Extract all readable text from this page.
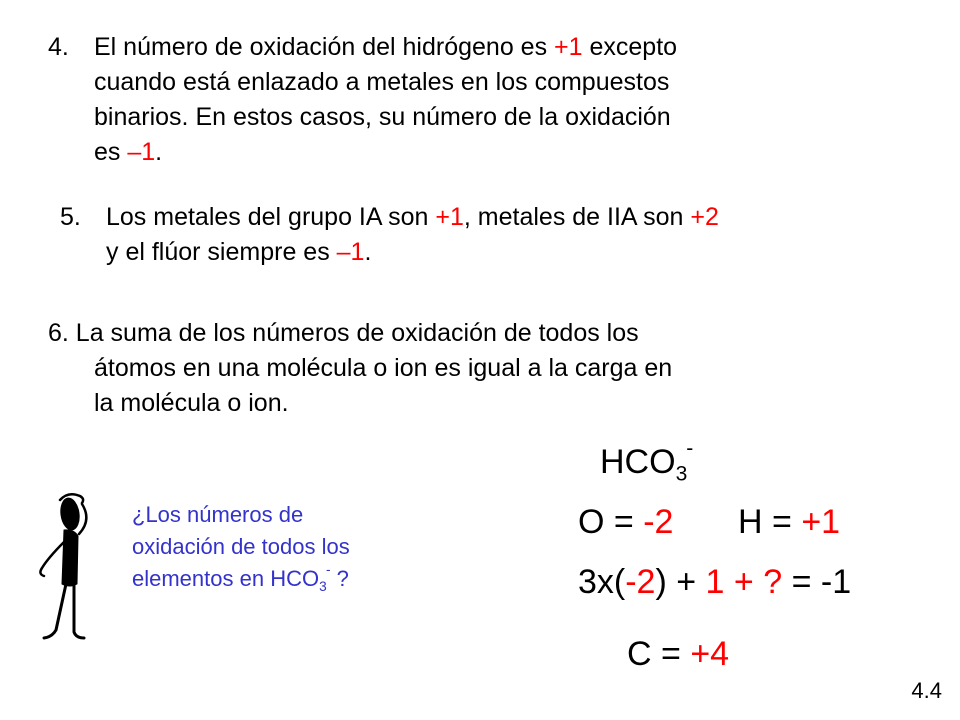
4. El número de oxidación del hidrógeno es +1 excepto

cuando está enlazado a metales en los compuestos

binarios. En estos casos, su número de la oxidación

es –1.

5. Los metales del grupo IA son +1, metales de IIA son +2

y el flúor siempre es –1.

6. La suma de los números de oxidación de todos los

átomos en una molécula o ion es igual a la carga en

la molécula o ion.

¿Los números de

oxidación de todos los

elementos en $HCO_3^-$ ?

$HCO_3^-$
O = -2 H = +1
3x(-2) + 1 + ? = -1
C = +4
4.4
